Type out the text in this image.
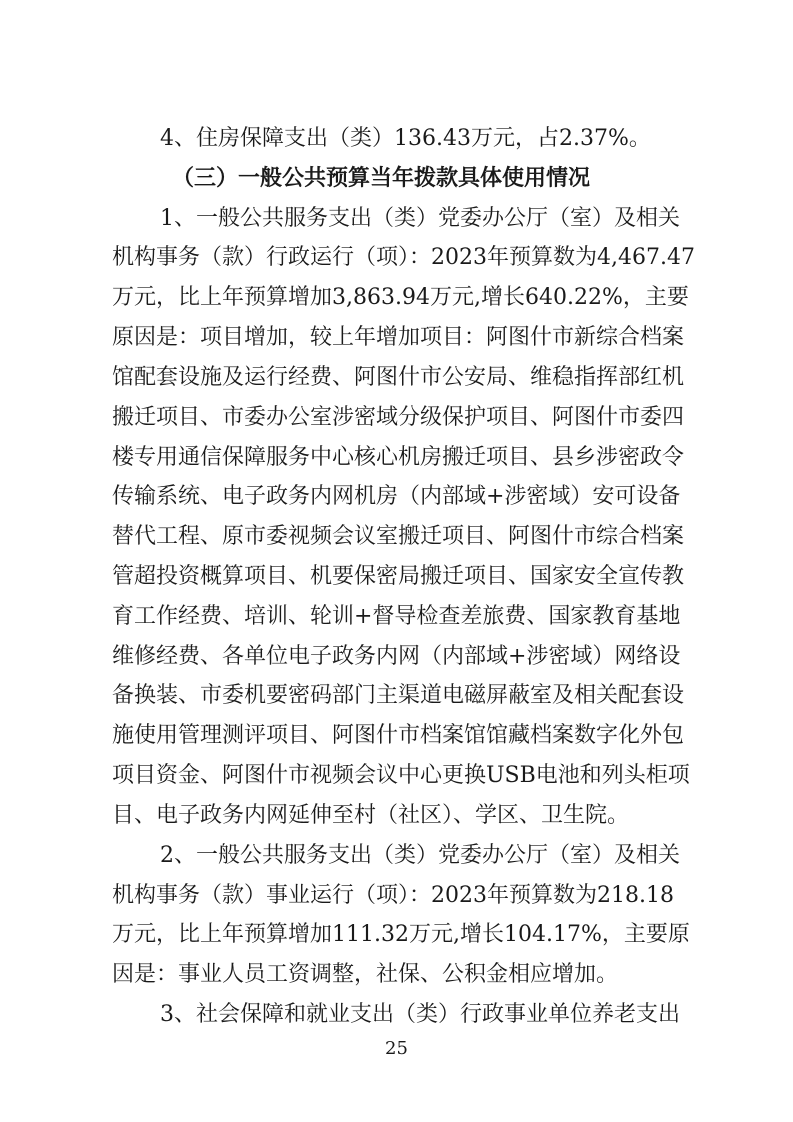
4、住房保障支出（类）136.43万元，占2.37%。

（三）一般公共预算当年拨款具体使用情况

1、一般公共服务支出（类）党委办公厅（室）及相关

机构事务（款）行政运行（项）：2023年预算数为4,467.47

万元，比上年预算增加3,863.94万元,增长640.22%，主要

原因是：项目增加，较上年增加项目：阿图什市新综合档案

馆配套设施及运行经费、阿图什市公安局、维稳指挥部红机

搬迁项目、市委办公室涉密域分级保护项目、阿图什市委四

楼专用通信保障服务中心核心机房搬迁项目、县乡涉密政令

传输系统、电子政务内网机房（内部域+涉密域）安可设备

替代工程、原市委视频会议室搬迁项目、阿图什市综合档案

管超投资概算项目、机要保密局搬迁项目、国家安全宣传教

育工作经费、培训、轮训+督导检查差旅费、国家教育基地

维修经费、各单位电子政务内网（内部域+涉密域）网络设

备换装、市委机要密码部门主渠道电磁屏蔽室及相关配套设

施使用管理测评项目、阿图什市档案馆馆藏档案数字化外包

项目资金、阿图什市视频会议中心更换USB电池和列头柜项

目、电子政务内网延伸至村（社区）、学区、卫生院。

2、一般公共服务支出（类）党委办公厅（室）及相关

机构事务（款）事业运行（项）：2023年预算数为218.18

万元，比上年预算增加111.32万元,增长104.17%，主要原

因是：事业人员工资调整，社保、公积金相应增加。

3、社会保障和就业支出（类）行政事业单位养老支出

25
